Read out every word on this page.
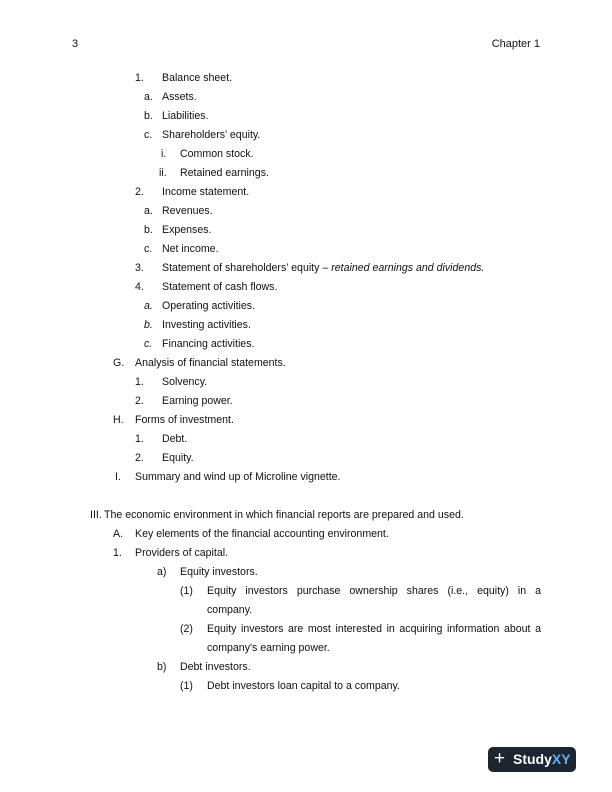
3	Chapter 1
1. Balance sheet.
a. Assets.
b. Liabilities.
c. Shareholders’ equity.
i. Common stock.
ii. Retained earnings.
2. Income statement.
a. Revenues.
b. Expenses.
c. Net income.
3. Statement of shareholders’ equity – retained earnings and dividends.
4. Statement of cash flows.
a. Operating activities.
b. Investing activities.
c. Financing activities.
G. Analysis of financial statements.
1. Solvency.
2. Earning power.
H. Forms of investment.
1. Debt.
2. Equity.
I. Summary and wind up of Microline vignette.
III. The economic environment in which financial reports are prepared and used.
A. Key elements of the financial accounting environment.
1. Providers of capital.
a) Equity investors.
(1) Equity investors purchase ownership shares (i.e., equity) in a
company.
(2) Equity investors are most interested in acquiring information about a
company's earning power.
b) Debt investors.
(1) Debt investors loan capital to a company.
+ StudyXY
